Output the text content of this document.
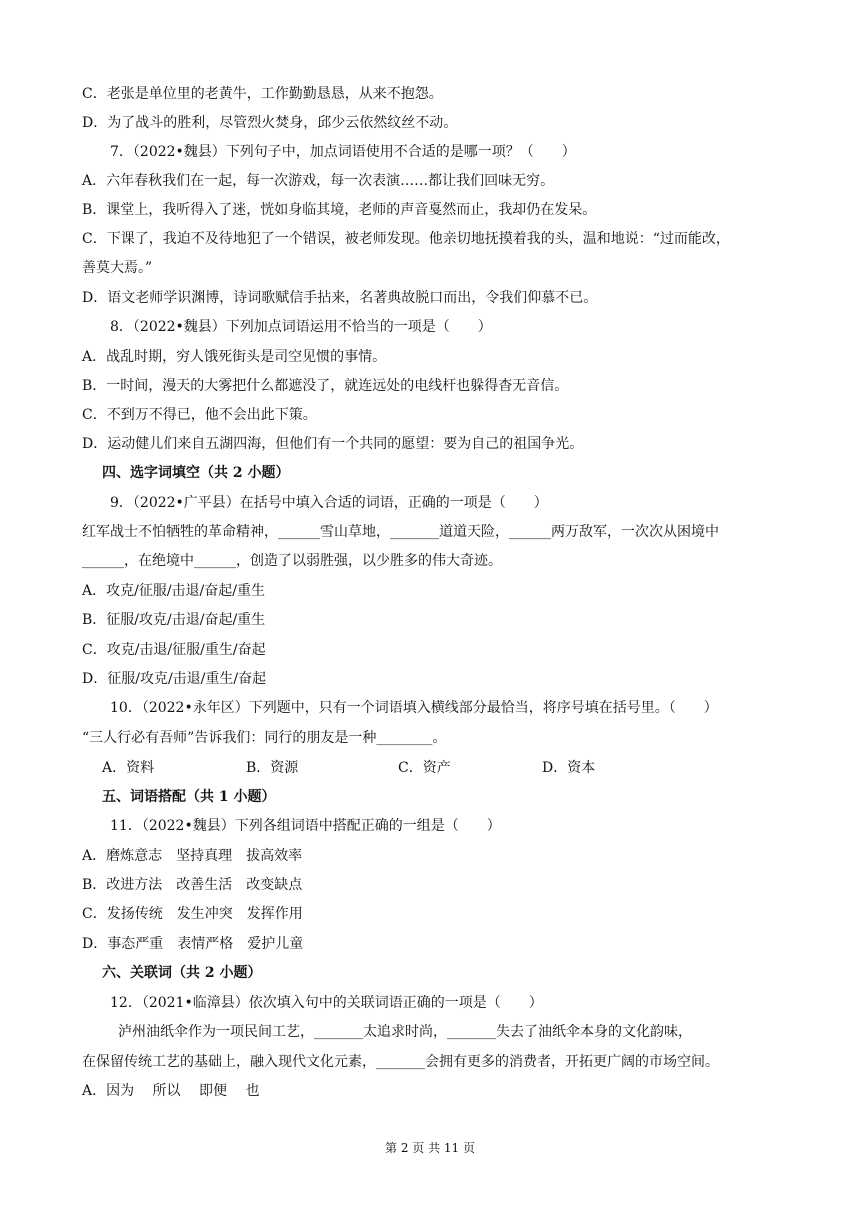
C．老张是单位里的老黄牛，工作勤勤恳恳，从来不抱怨。
D．为了战斗的胜利，尽管烈火焚身，邱少云依然纹丝不动。
7．（2022•魏县）下列句子中，加点词语使用不合适的是哪一项？（　　）
A．六年春秋我们在一起，每一次游戏，每一次表演……都让我们回味无穷。
B．课堂上，我听得入了迷，恍如身临其境，老师的声音戛然而止，我却仍在发呆。
C．下课了，我迫不及待地犯了一个错误，被老师发现。他亲切地抚摸着我的头，温和地说：“过而能改，
善莫大焉。”
D．语文老师学识渊博，诗词歌赋信手拈来，名著典故脱口而出，令我们仰慕不已。
8．（2022•魏县）下列加点词语运用不恰当的一项是（　　）
A．战乱时期，穷人饿死街头是司空见惯的事情。
B．一时间，漫天的大雾把什么都遮没了，就连远处的电线杆也躲得杳无音信。
C．不到万不得已，他不会出此下策。
D．运动健儿们来自五湖四海，但他们有一个共同的愿望：要为自己的祖国争光。
四、选字词填空（共 2 小题）
9．（2022•广平县）在括号中填入合适的词语，正确的一项是（　　）
红军战士不怕牺牲的革命精神，______雪山草地，_______道道天险，______两万敌军，一次次从困境中
______，在绝境中______，创造了以弱胜强，以少胜多的伟大奇迹。
A．攻克/征服/击退/奋起/重生
B．征服/攻克/击退/奋起/重生
C．攻克/击退/征服/重生/奋起
D．征服/攻克/击退/重生/奋起
10．（2022•永年区）下列题中，只有一个词语填入横线部分最恰当，将序号填在括号里。（　　）
“三人行必有吾师”告诉我们：同行的朋友是一种________。
A．资料	B．资源	C．资产	D．资本
五、词语搭配（共 1 小题）
11．（2022•魏县）下列各组词语中搭配正确的一组是（　　）
A．磨炼意志　坚持真理　拔高效率
B．改进方法　改善生活　改变缺点
C．发扬传统　发生冲突　发挥作用
D．事态严重　表情严格　爱护儿童
六、关联词（共 2 小题）
12．（2021•临漳县）依次填入句中的关联词语正确的一项是（　　）
泸州油纸伞作为一项民间工艺，_______太追求时尚，_______失去了油纸伞本身的文化韵味，
在保留传统工艺的基础上，融入现代文化元素，_______会拥有更多的消费者，开拓更广阔的市场空间。
A．因为　 所以　 即便　 也
第 2 页 共 11 页
